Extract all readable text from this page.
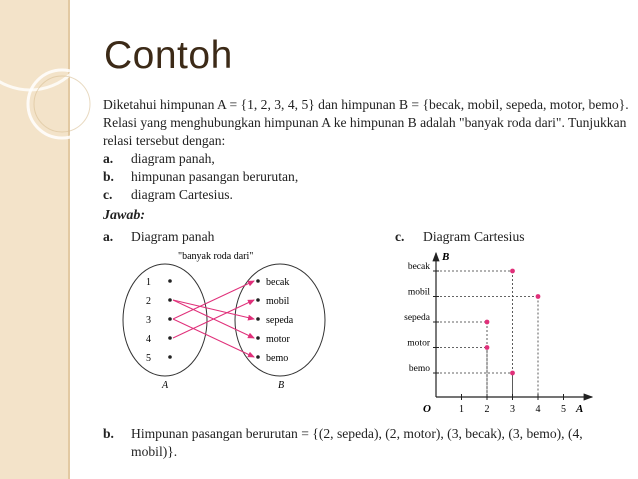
Contoh
Diketahui himpunan A = {1, 2, 3, 4, 5} dan himpunan B = {becak, mobil, sepeda, motor, bemo}. Relasi yang menghubungkan himpunan A ke himpunan B adalah "banyak roda dari". Tunjukkan relasi tersebut dengan:
a. diagram panah,
b. himpunan pasangan berurutan,
c. diagram Cartesius.
Jawab:
a. Diagram panah	c. Diagram Cartesius
"banyak roda dari"
A	B
1
2
3
4
5
becak
mobil
sepeda
motor
bemo
B
A
O
bemo
motor
sepeda
mobil
becak
1 2 3 4 5
b. Himpunan pasangan berurutan = {(2, sepeda), (2, motor), (3, becak), (3, bemo), (4, mobil)}.
